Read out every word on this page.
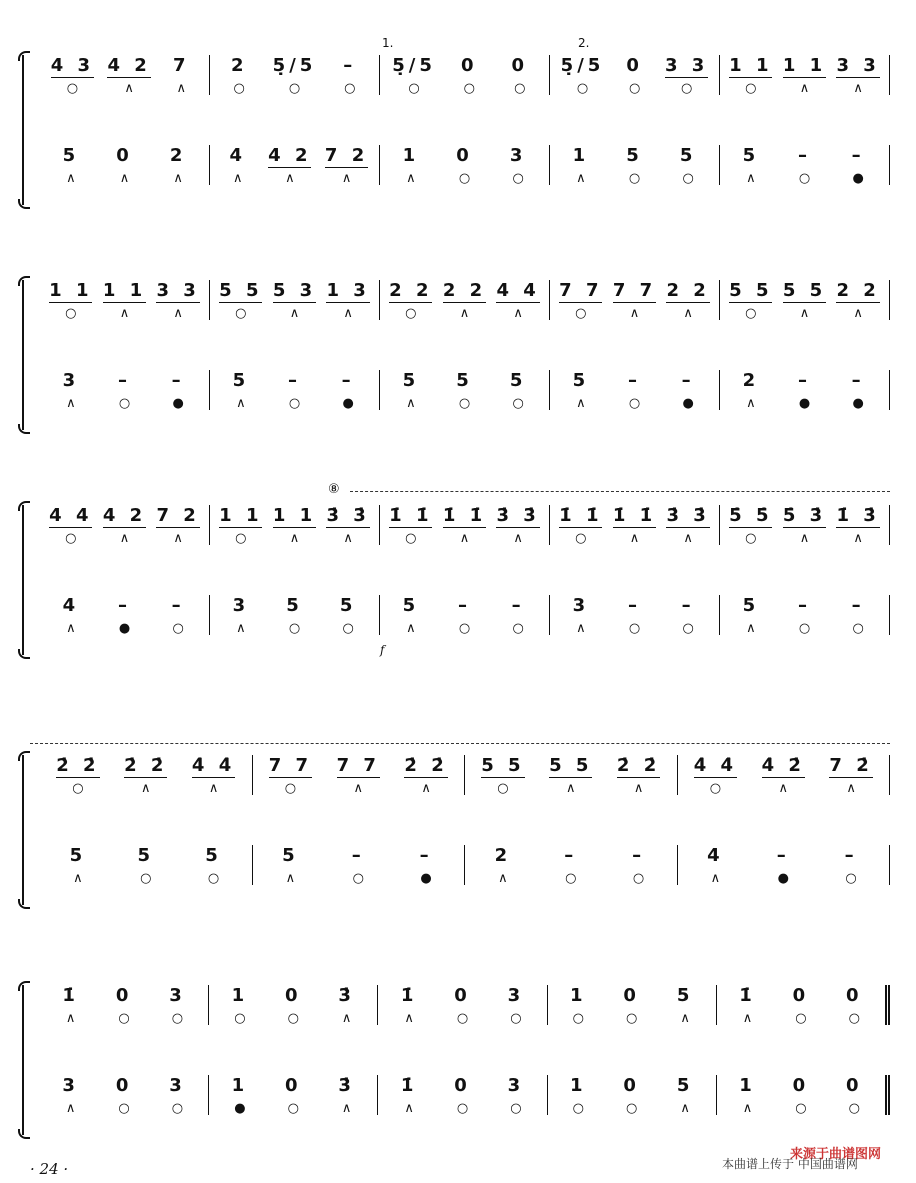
4 3
○
4 2
∧
7
∧
2
○
5̣/5
○
–
○
5̣/5
○
0
○
0
○
5̣/5
○
0
○
3 3
○
1 1
○
1 1
∧
3 3
∧
5
∧
0
∧
2
∧
4
∧
4 2
∧
7 2
∧
1
∧
0
○
3
○
1
∧
5
○
5
○
5
∧
–
○
–
●
1 1
○
1 1
∧
3 3
∧
5 5
○
5 3
∧
1 3
∧
2 2
○
2 2
∧
4 4
∧
7 7
○
7 7
∧
2 2
∧
5 5
○
5 5
∧
2 2
∧
3
∧
–
○
–
●
5
∧
–
○
–
●
5
∧
5
○
5
○
5
∧
–
○
–
●
2
∧
–
●
–
●
4 4
○
4 2
∧
7 2
∧
1 1
○
1 1
∧
3̇ 3̇
∧
1̇ 1̇
○
1̇ 1̇
∧
3̇ 3̇
∧
1̇ 1̇
○
1̇ 1̇
∧
3̇ 3̇
∧
5̇ 5̇
○
5̇ 3̇
∧
1̇ 3̇
∧
4
∧
–
●
–
○
3
∧
5
○
5
○
5
∧
–
○
–
○
3
∧
–
○
–
○
5
∧
–
○
–
○
2̇ 2̇
○
2̇ 2̇
∧
4̇ 4̇
∧
7 7
○
7 7
∧
2̇ 2̇
∧
5 5
○
5 5
∧
2̇ 2̇
∧
4̇ 4̇
○
4̇ 2̇
∧
7 2̇
∧
5
∧
5
○
5
○
5
∧
–
○
–
●
2
∧
–
○
–
○
4
∧
–
●
–
○
1̇
∧
0
○
3
○
1
○
0
○
3̇
∧
1̇
∧
0
○
3
○
1
○
0
○
5
∧
1̇
∧
0
○
0
○
3
∧
0
○
3
○
1
●
0
○
3̇
∧
1̇
∧
0
○
3
○
1
○
0
○
5
∧
1
∧
0
○
0
○
1.	2.
⑧
f
· 24 ·
来源于曲谱图网
本曲谱上传于 中国曲谱网
